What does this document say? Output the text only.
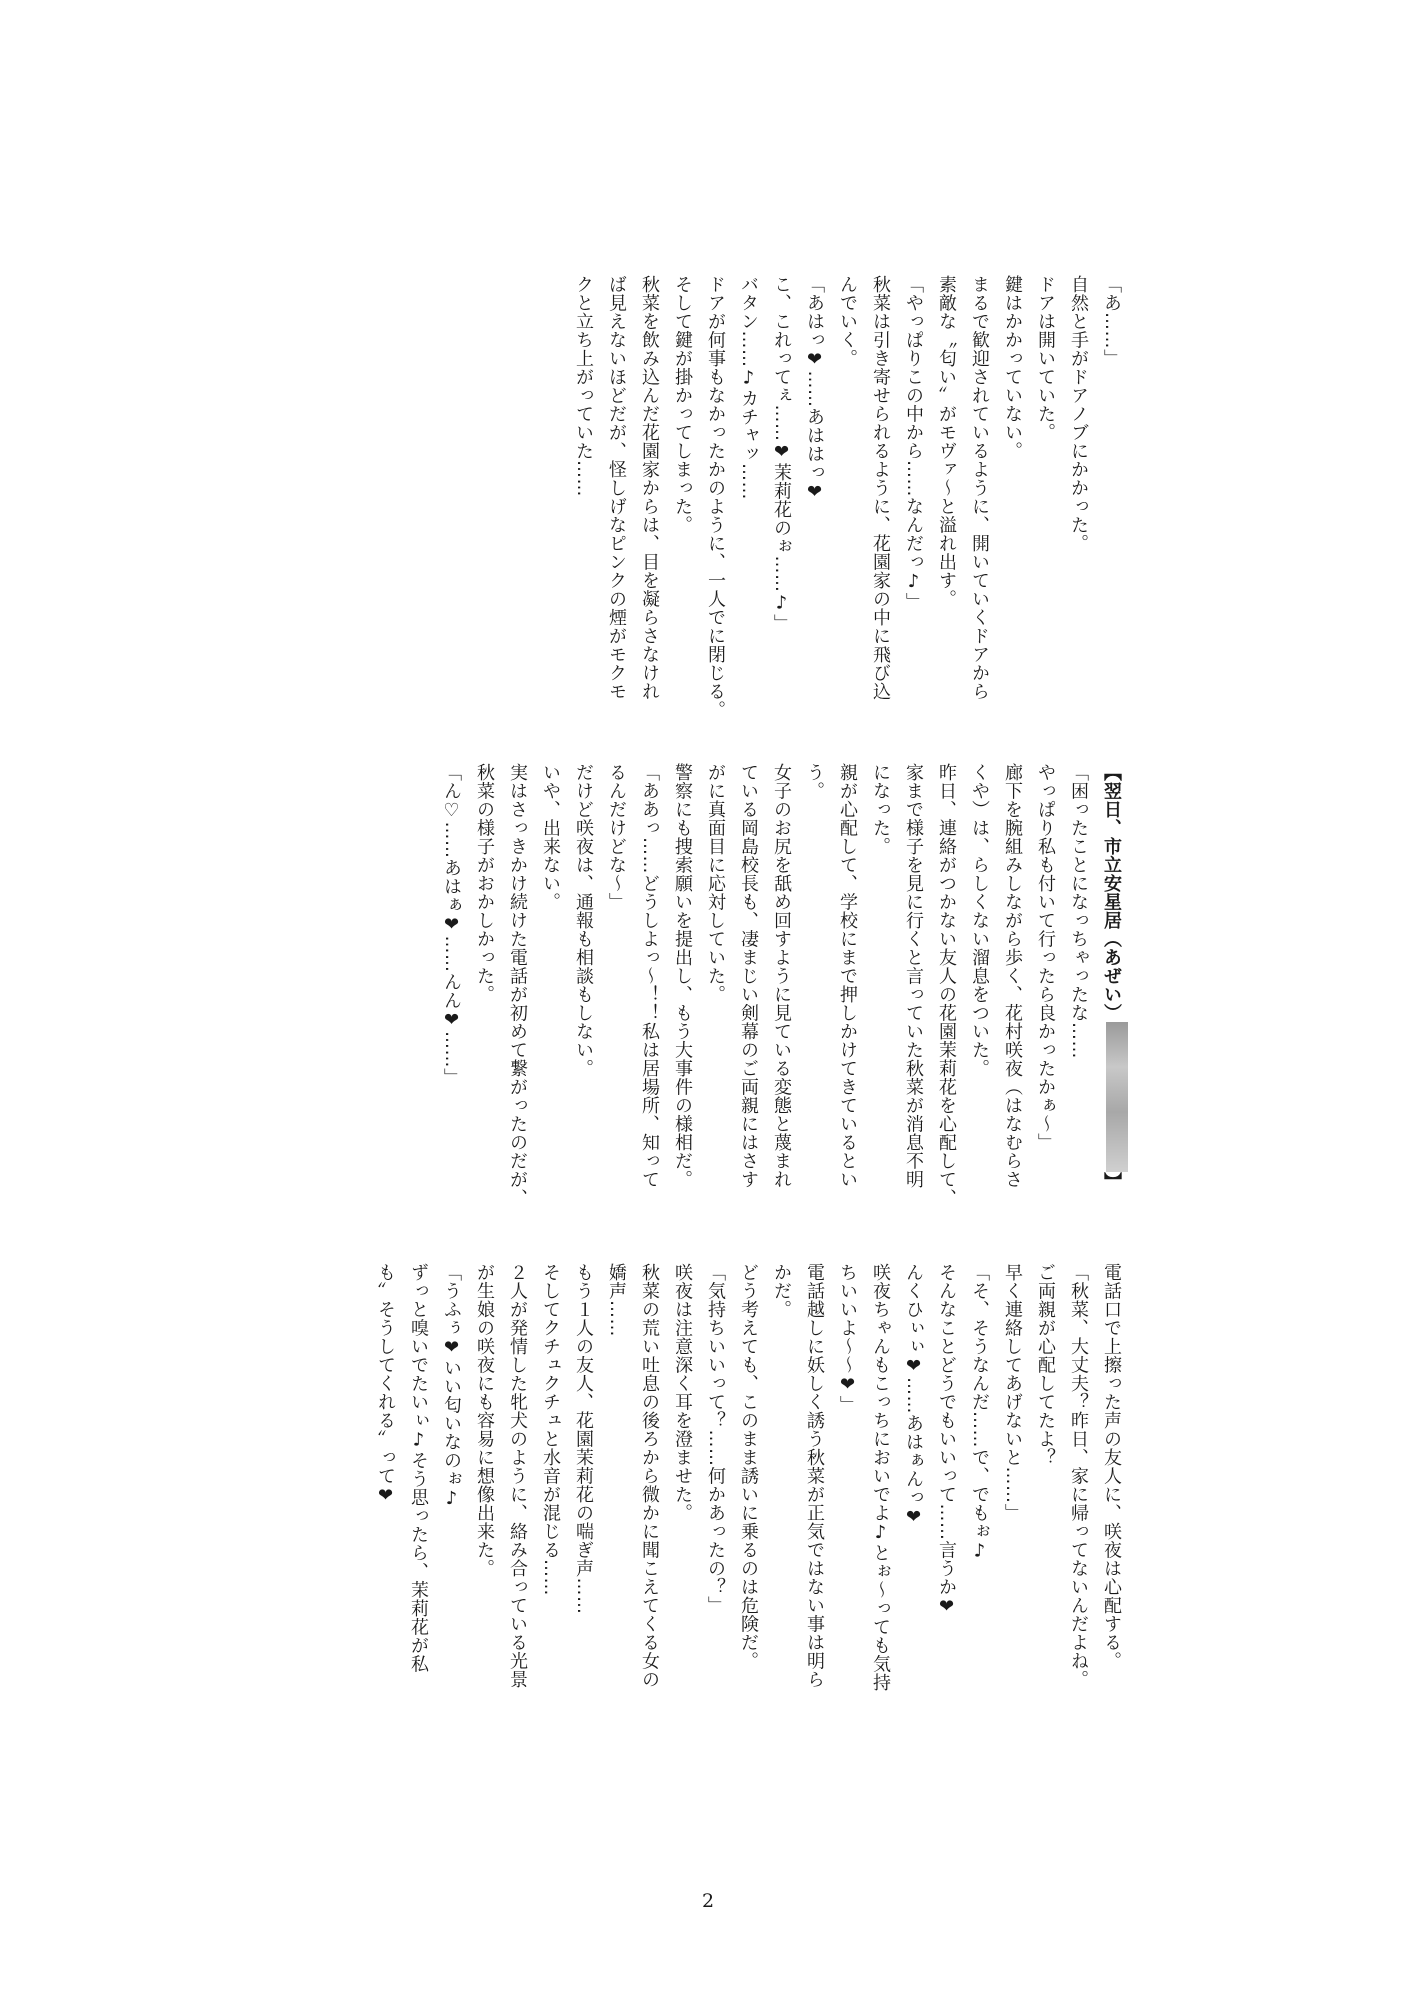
「あ……」

自然と手がドアノブにかかった。

ドアは開いていた。

鍵はかかっていない。

まるで歓迎されているように、開いていくドアから

素敵な〝匂い〟がモヴァ～と溢れ出す。

「やっぱりこの中から……なんだっ♪」

秋菜は引き寄せられるように、花園家の中に飛び込

んでいく。

「あはっ❤……あははっ❤

こ、これってぇ……❤茉莉花のぉ……♪」

バタン……♪カチャッ……

ドアが何事もなかったかのように、一人でに閉じる。

そして鍵が掛かってしまった。

秋菜を飲み込んだ花園家からは、目を凝らさなけれ

ば見えないほどだが、怪しげなピンクの煙がモクモ

クと立ち上がっていた……

【翌日、市立安星居（あぜい）】

「困ったことになっちゃったな……

やっぱり私も付いて行ったら良かったかぁ～」

廊下を腕組みしながら歩く、花村咲夜（はなむらさ

くや）は、らしくない溜息をついた。

昨日、連絡がつかない友人の花園茉莉花を心配して、

家まで様子を見に行くと言っていた秋菜が消息不明

になった。

親が心配して、学校にまで押しかけてきているとい

う。

女子のお尻を舐め回すように見ている変態と蔑まれ

ている岡島校長も、凄まじい剣幕のご両親にはさす

がに真面目に応対していた。

警察にも捜索願いを提出し、もう大事件の様相だ。

「ああっ……どうしよっ～！！私は居場所、知って

るんだけどな～」

だけど咲夜は、通報も相談もしない。

いや、出来ない。

実はさっきかけ続けた電話が初めて繋がったのだが、

秋菜の様子がおかしかった。

「ん♡……あはぁ❤……んん❤……」

電話口で上擦った声の友人に、咲夜は心配する。

「秋菜、大丈夫？昨日、家に帰ってないんだよね。

ご両親が心配してたよ？

早く連絡してあげないと……」

「そ、そうなんだ……で、でもぉ♪

そんなことどうでもいいって……言うか❤

んくひぃぃ❤……あはぁんっ❤

咲夜ちゃんもこっちにおいでよ♪とぉ～っても気持

ちいいよ～～❤」

電話越しに妖しく誘う秋菜が正気ではない事は明ら

かだ。

どう考えても、このまま誘いに乗るのは危険だ。

「気持ちいいって？……何かあったの？」

咲夜は注意深く耳を澄ませた。

秋菜の荒い吐息の後ろから微かに聞こえてくる女の

嬌声……

もう１人の友人、花園茉莉花の喘ぎ声……

そしてクチュクチュと水音が混じる……

２人が発情した牝犬のように、絡み合っている光景

が生娘の咲夜にも容易に想像出来た。

「うふぅ❤いい匂いなのぉ♪

ずっと嗅いでたいぃ♪そう思ったら、茉莉花が私

も〟そうしてくれる〟って❤

2
